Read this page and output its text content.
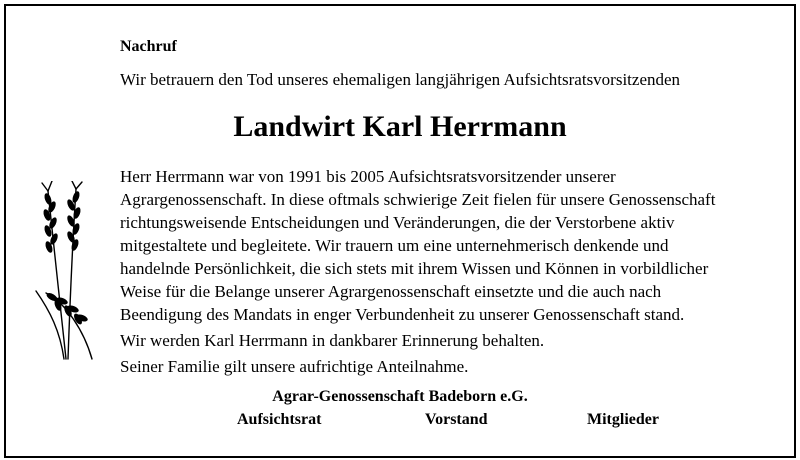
Nachruf
Wir betrauern den Tod unseres ehemaligen langjährigen Aufsichtsratsvorsitzenden
Landwirt Karl Herrmann

Herr Herrmann war von 1991 bis 2005 Aufsichtsratsvorsitzender unserer

Agrargenossenschaft. In diese oftmals schwierige Zeit fielen für unsere Genossenschaft

richtungsweisende Entscheidungen und Veränderungen, die der Verstorbene aktiv

mitgestaltete und begleitete. Wir trauern um eine unternehmerisch denkende und

handelnde Persönlichkeit, die sich stets mit ihrem Wissen und Können in vorbildlicher

Weise für die Belange unserer Agrargenossenschaft einsetzte und die auch nach

Beendigung des Mandats in enger Verbundenheit zu unserer Genossenschaft stand.

Wir werden Karl Herrmann in dankbarer Erinnerung behalten.

Seiner Familie gilt unsere aufrichtige Anteilnahme.

Agrar-Genossenschaft Badeborn e.G.
Aufsichtsrat	Vorstand	Mitglieder
